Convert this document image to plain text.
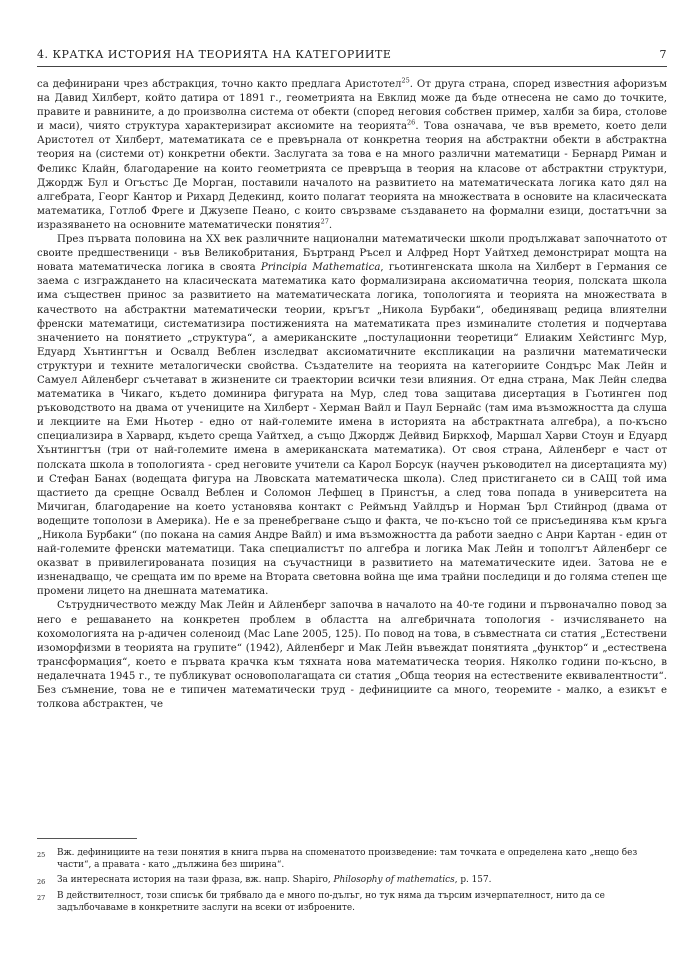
4. КРАТКА ИСТОРИЯ НА ТЕОРИЯТА НА КАТЕГОРИИТЕ	7

са дефинирани чрез абстракция, точно както предлага Аристотел$^{25}$. От друга страна, според известния афоризъм на Давид Хилберт, който датира от 1891 г., геометрията на Евклид може да бъде отнесена не само до точките, правите и равнините, а до произволна система от обекти (според неговия собствен пример, халби за бира, столове и маси), чиято структура характеризират аксиомите на теорията$^{26}$. Това означава, че във времето, което дели Аристотел от Хилберт, математиката се е превърнала от конкретна теория на абстрактни обекти в абстрактна теория на (системи от) конкретни обекти. Заслугата за това е на много различни математици - Бернард Риман и Феликс Клайн, благодарение на които геометрията се превръща в теория на класове от абстрактни структури, Джордж Бул и Огъстъс Де Морган, поставили началото на развитието на математическата логика като дял на алгебрата, Георг Кантор и Рихард Дедекинд, които полагат теорията на множествата в основите на класическата математика, Готлоб Фреге и Джузепе Пеано, с които свързваме създаването на формални езици, достатъчни за изразяването на основните математически понятия$^{27}$.

През първата половина на ХХ век различните национални математически школи продължават започнатото от своите предшественици - във Великобритания, Бъртранд Ръсел и Алфред Норт Уайтхед демонстрират мощта на новата математическа логика в своята Principia Mathematica, гьотингенската школа на Хилберт в Германия се заема с изграждането на класическата математика като формализирана аксиоматична теория, полската школа има съществен принос за развитието на математическата логика, топологията и теорията на множествата в качеството на абстрактни математически теории, кръгът „Никола Бурбаки“, обединяващ редица влиятелни френски математици, систематизира постиженията на математиката през изминалите столетия и подчертава значението на понятието „структура“, а американските „постулационни теоретици“ Елиаким Хейстингс Мур, Едуард Хънтингтън и Освалд Веблен изследват аксиоматичните експликации на различни математически структури и техните металогически свойства. Създателите на теорията на категориите Сондърс Мак Лейн и Самуел Айленберг съчетават в жизнените си траектории всички тези влияния. От една страна, Мак Лейн следва математика в Чикаго, където доминира фигурата на Мур, след това защитава дисертация в Гьотинген под ръководството на двама от учениците на Хилберт - Херман Вайл и Паул Бернайс (там има възможността да слуша и лекциите на Еми Ньотер - едно от най-големите имена в историята на абстрактната алгебра), а по-късно специализира в Харвард, където среща Уайтхед, а също Джордж Дейвид Биркхоф, Маршал Харви Стоун и Едуард Хънтингтън (три от най-големите имена в американската математика). От своя страна, Айленберг е част от полската школа в топологията - сред неговите учители са Карол Борсук (научен ръководител на дисертацията му) и Стефан Банах (водещата фигура на Лвовската математическа школа). След пристигането си в САЩ той има щастието да срещне Освалд Веблен и Соломон Лефшец в Принстън, а след това попада в университета на Мичиган, благодарение на което установява контакт с Реймънд Уайлдър и Норман Ърл Стийнрод (двама от водещите тополози в Америка). Не е за пренебрегване също и факта, че по-късно той се присъединява към кръга „Никола Бурбаки“ (по покана на самия Андре Вайл) и има възможността да работи заедно с Анри Картан - един от най-големите френски математици. Така специалистът по алгебра и логика Мак Лейн и тополгът Айленберг се оказват в привилегированата позиция на съучастници в развитието на математическите идеи. Затова не е изненадващо, че срещата им по време на Втората световна война ще има трайни последици и до голяма степен ще промени лицето на днешната математика.

Сътрудничеството между Мак Лейн и Айленберг започва в началото на 40-те години и първоначално повод за него е решаването на конкретен проблем в областта на алгебричната топология - изчисляването на кохомологията на p-адичен соленоид (Mac Lane 2005, 125). По повод на това, в съвместната си статия „Естествени изоморфизми в теорията на групите“ (1942), Айленберг и Мак Лейн въвеждат понятията „функтор“ и „естествена трансформация“, което е първата крачка към тяхната нова математическа теория. Няколко години по-късно, в недалечната 1945 г., те публикуват основополагащата си статия „Обща теория на естествените еквивалентности“. Без съмнение, това не е типичен математически труд - дефинициите са много, теоремите - малко, а езикът е толкова абстрактен, че

25	Вж. дефинициите на тези понятия в книга първа на споменатото произведение: там точката е определена като „нещо без части“, а правата - като „дължина без ширина“.
26	За интересната история на тази фраза, вж. напр. Shapiro, Philosophy of mathematics, p. 157.
27	В действителност, този списък би трябвало да е много по-дълъг, но тук няма да търсим изчерпателност, нито да се задълбочаваме в конкретните заслуги на всеки от изброените.
